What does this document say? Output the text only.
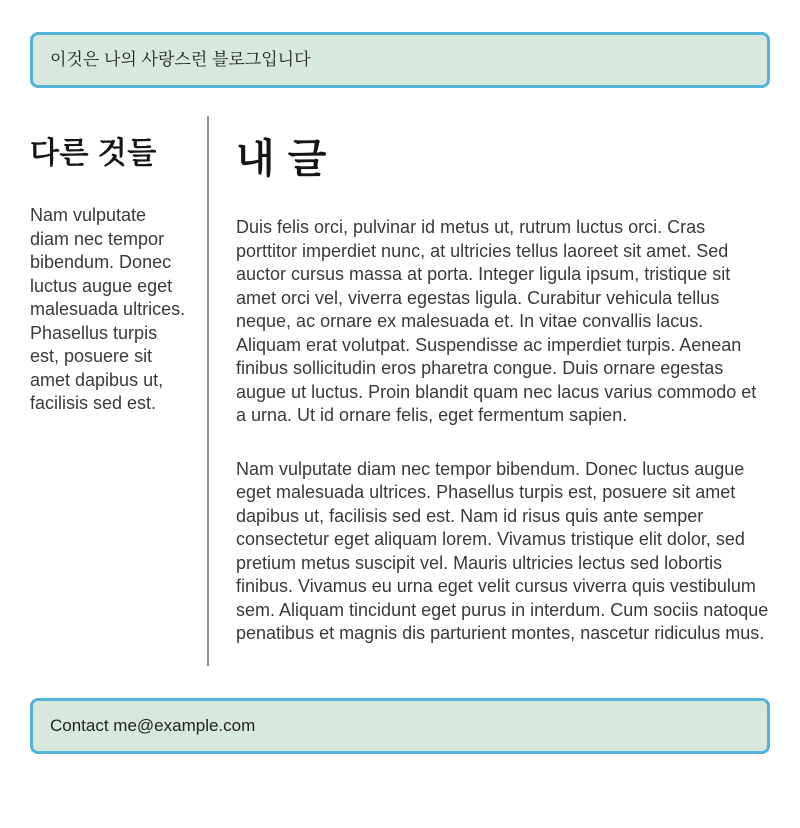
이것은 나의 사랑스런 블로그입니다
다른 것들

Nam vulputate diam nec tempor bibendum. Donec luctus augue eget malesuada ultrices. Phasellus turpis est, posuere sit amet dapibus ut, facilisis sed est.

내 글

Duis felis orci, pulvinar id metus ut, rutrum luctus orci. Cras porttitor imperdiet nunc, at ultricies tellus laoreet sit amet. Sed auctor cursus massa at porta. Integer ligula ipsum, tristique sit amet orci vel, viverra egestas ligula. Curabitur vehicula tellus neque, ac ornare ex malesuada et. In vitae convallis lacus. Aliquam erat volutpat. Suspendisse ac imperdiet turpis. Aenean finibus sollicitudin eros pharetra congue. Duis ornare egestas augue ut luctus. Proin blandit quam nec lacus varius commodo et a urna. Ut id ornare felis, eget fermentum sapien.

Nam vulputate diam nec tempor bibendum. Donec luctus augue eget malesuada ultrices. Phasellus turpis est, posuere sit amet dapibus ut, facilisis sed est. Nam id risus quis ante semper consectetur eget aliquam lorem. Vivamus tristique elit dolor, sed pretium metus suscipit vel. Mauris ultricies lectus sed lobortis finibus. Vivamus eu urna eget velit cursus viverra quis vestibulum sem. Aliquam tincidunt eget purus in interdum. Cum sociis natoque penatibus et magnis dis parturient montes, nascetur ridiculus mus.

Contact me@example.com
